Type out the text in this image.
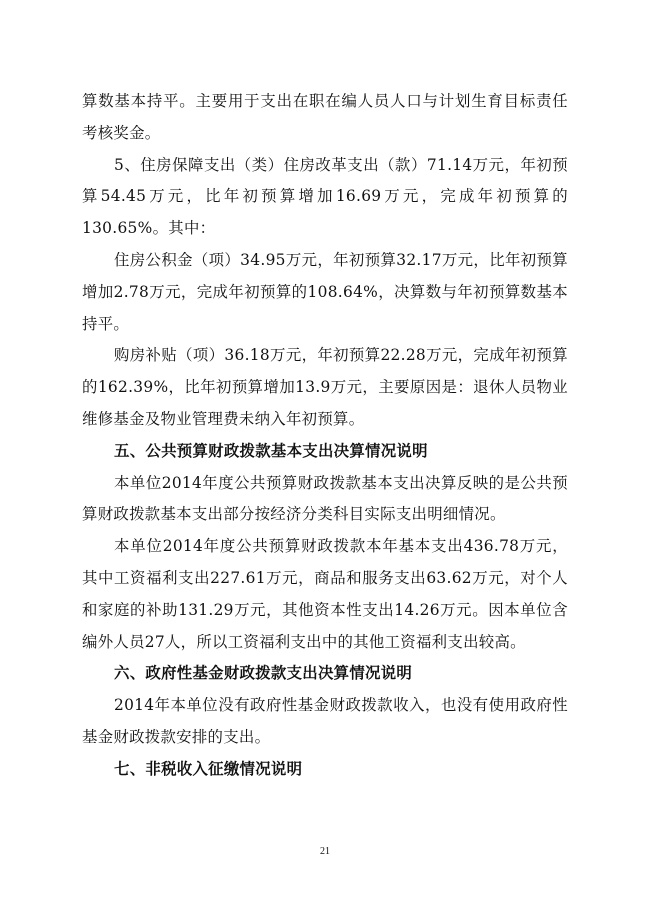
算数基本持平。主要用于支出在职在编人员人口与计划生育目标责任考核奖金。

5、住房保障支出（类）住房改革支出（款）71.14万元，年初预算54.45万元，比年初预算增加16.69万元，完成年初预算的130.65%。其中：

住房公积金（项）34.95万元，年初预算32.17万元，比年初预算增加2.78万元，完成年初预算的108.64%，决算数与年初预算数基本持平。

购房补贴（项）36.18万元，年初预算22.28万元，完成年初预算的162.39%，比年初预算增加13.9万元，主要原因是：退休人员物业维修基金及物业管理费未纳入年初预算。

五、公共预算财政拨款基本支出决算情况说明

本单位2014年度公共预算财政拨款基本支出决算反映的是公共预算财政拨款基本支出部分按经济分类科目实际支出明细情况。

本单位2014年度公共预算财政拨款本年基本支出436.78万元，其中工资福利支出227.61万元，商品和服务支出63.62万元，对个人和家庭的补助131.29万元，其他资本性支出14.26万元。因本单位含编外人员27人，所以工资福利支出中的其他工资福利支出较高。

六、政府性基金财政拨款支出决算情况说明

2014年本单位没有政府性基金财政拨款收入，也没有使用政府性基金财政拨款安排的支出。

七、非税收入征缴情况说明

21
